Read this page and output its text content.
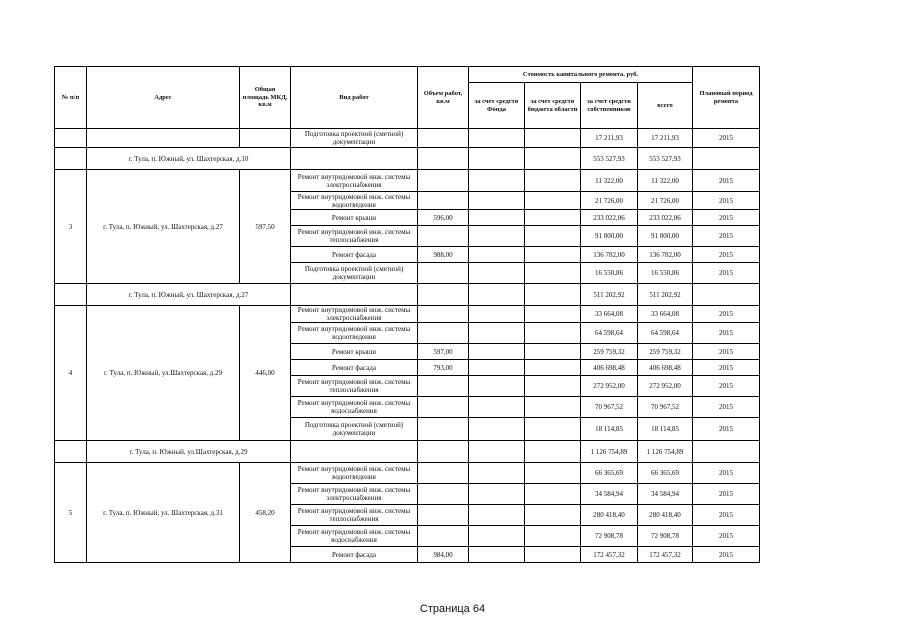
№ п/п	Адрес	Общая площадь МКД, кв.м	Вид работ	Объем работ, кв.м	Стоимость капитального ремонта, руб.				Плановый период ремонта
					за счет средств Фонда	за счет средств бюджета области	за счет средств собственников	всего	
			Подготовка проектной (сметной) документации				17 211,93	17 211,93	2015
	г. Тула, п. Южный, ул. Шахтерская, д.10						553 527,93	553 527,93	
3	г. Тула, п. Южный, ул. Шахтерская, д.27	597,50	Ремонт внутридомовой инж. системы электроснабжения				11 322,00	11 322,00	2015
			Ремонт внутридомовой инж. системы водоотведения				21 726,00	21 726,00	2015
			Ремонт крыши	596,00			233 022,06	233 022,06	2015
			Ремонт внутридомовой инж. системы теплоснабжения				91 800,00	91 800,00	2015
			Ремонт фасада	988,00			136 782,00	136 782,00	2015
			Подготовка проектной (сметной) документации				16 550,86	16 550,86	2015
	г. Тула, п. Южный, ул. Шахтерская, д.27						511 202,92	511 202,92	
4	г. Тула, п. Южный, ул.Шахтерская, д.29	446,00	Ремонт внутридомовой инж. системы электроснабжения				33 664,08	33 664,08	2015
			Ремонт внутридомовой инж. системы водоотведения				64 598,64	64 598,64	2015
			Ремонт крыши	597,00			259 759,32	259 759,32	2015
			Ремонт фасада	793,00			406 698,48	406 698,48	2015
			Ремонт внутридомовой инж. системы теплоснабжения				272 952,00	272 952,00	2015
			Ремонт внутридомовой инж. системы водоснабжения				70 967,52	70 967,52	2015
			Подготовка проектной (сметной) документации				18 114,85	18 114,85	2015
	г. Тула, п. Южный, ул.Шахтерская, д.29						1 126 754,89	1 126 754,89	
5	г. Тула, п. Южный, ул. Шахтерская, д.31	458,20	Ремонт внутридомовой инж. системы водоотведения				66 365,69	66 365,69	2015
			Ремонт внутридомовой инж. системы электроснабжения				34 584,94	34 584,94	2015
			Ремонт внутридомовой инж. системы теплоснабжения				280 418,40	280 418,40	2015
			Ремонт внутридомовой инж. системы водоснабжения				72 908,78	72 908,78	2015
			Ремонт фасада	984,00			172 457,32	172 457,32	2015
Страница 64
